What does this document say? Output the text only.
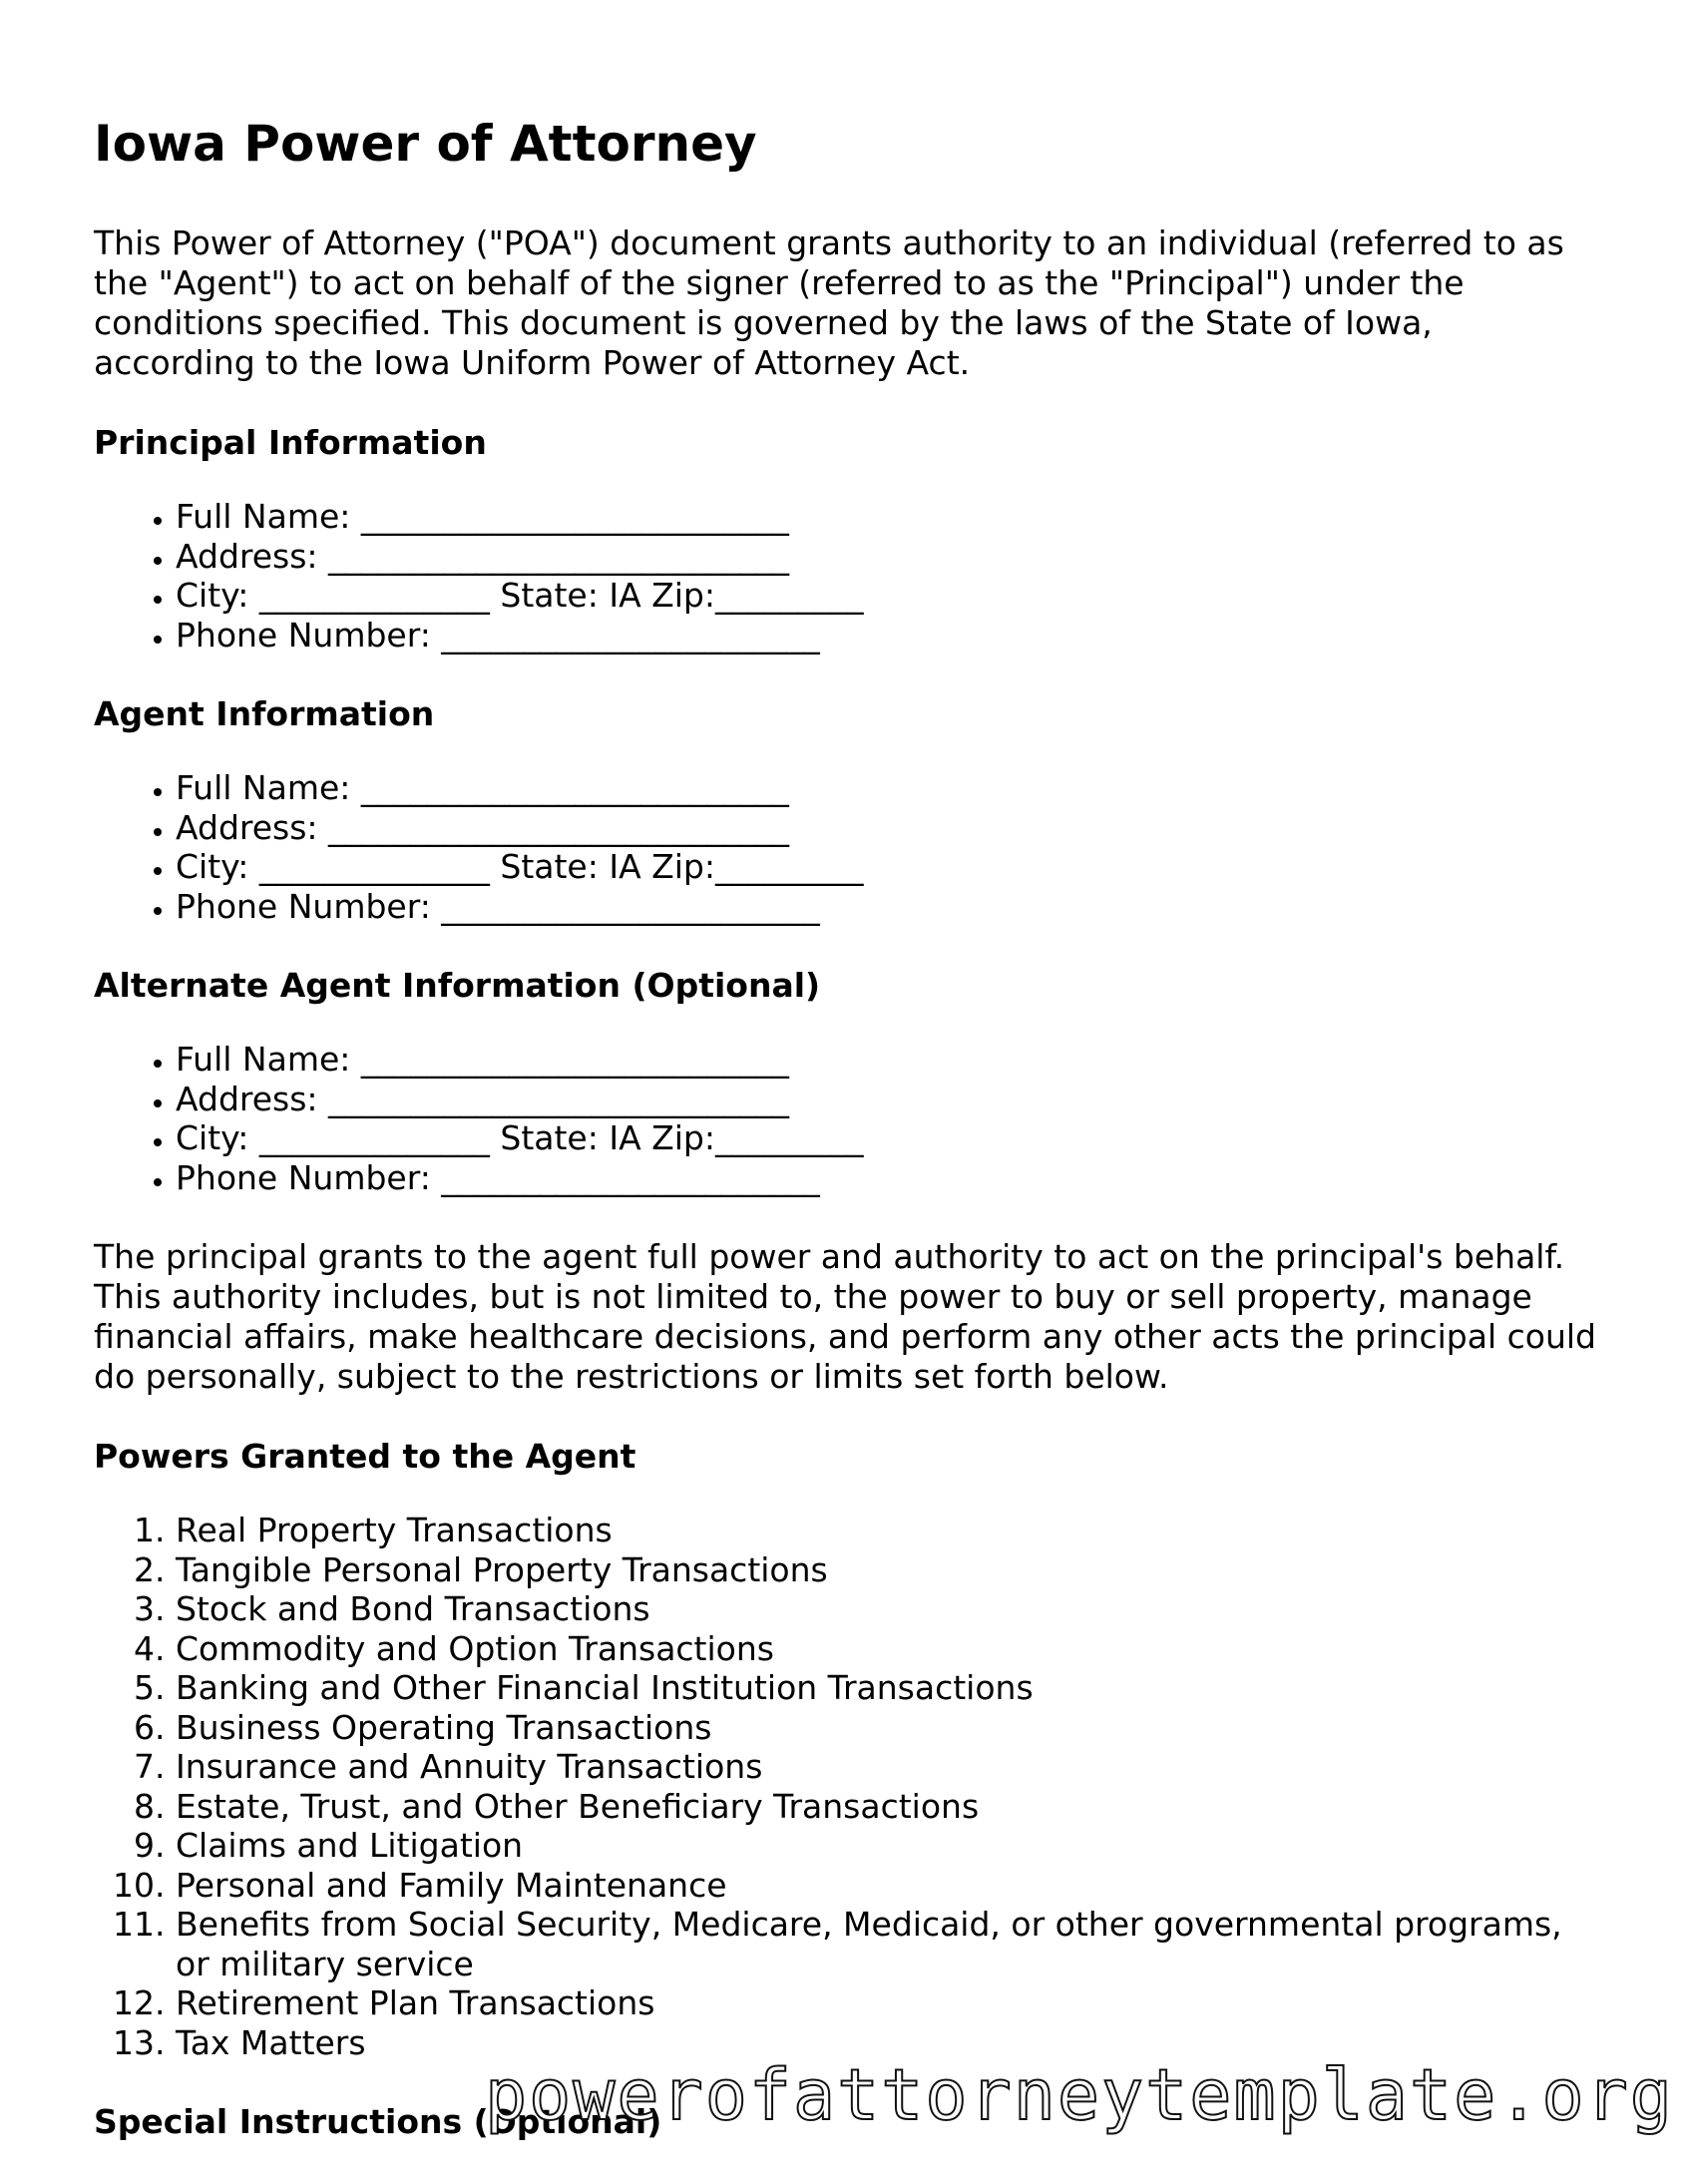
Iowa Power of Attorney

This Power of Attorney ("POA") document grants authority to an individual (referred to as the "Agent") to act on behalf of the signer (referred to as the "Principal") under the conditions specified. This document is governed by the laws of the State of Iowa, according to the Iowa Uniform Power of Attorney Act.

Principal Information
• Full Name: __________________________
• Address: ____________________________
• City: ______________ State: IA Zip:_________
• Phone Number: _______________________
Agent Information
• Full Name: __________________________
• Address: ____________________________
• City: ______________ State: IA Zip:_________
• Phone Number: _______________________
Alternate Agent Information (Optional)
• Full Name: __________________________
• Address: ____________________________
• City: ______________ State: IA Zip:_________
• Phone Number: _______________________

The principal grants to the agent full power and authority to act on the principal's behalf. This authority includes, but is not limited to, the power to buy or sell property, manage financial affairs, make healthcare decisions, and perform any other acts the principal could do personally, subject to the restrictions or limits set forth below.

Powers Granted to the Agent
1. Real Property Transactions
2. Tangible Personal Property Transactions
3. Stock and Bond Transactions
4. Commodity and Option Transactions
5. Banking and Other Financial Institution Transactions
6. Business Operating Transactions
7. Insurance and Annuity Transactions
8. Estate, Trust, and Other Beneficiary Transactions
9. Claims and Litigation
10. Personal and Family Maintenance
11. Benefits from Social Security, Medicare, Medicaid, or other governmental programs, or military service
12. Retirement Plan Transactions
13. Tax Matters
Special Instructions (Optional)
powerofattorneytemplate.org
